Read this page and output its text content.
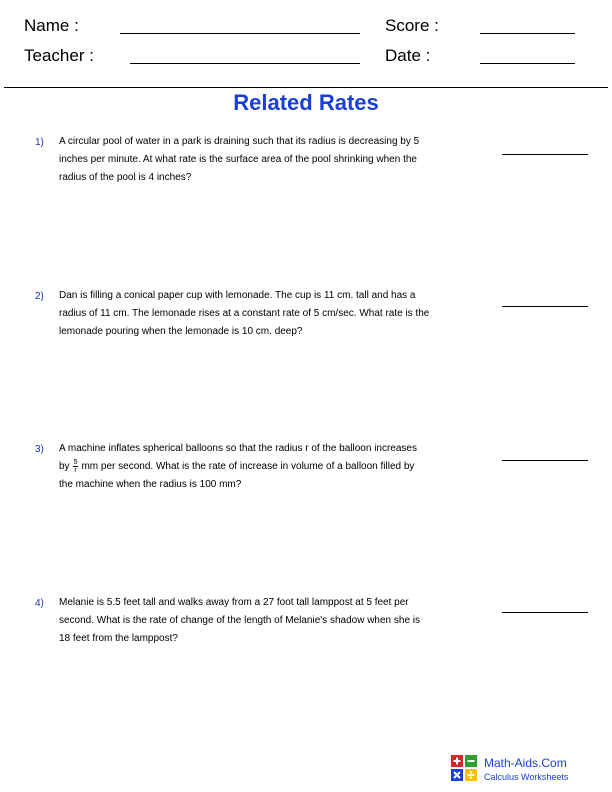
Name :	Score :
Teacher :	Date :
Related Rates
1) A circular pool of water in a park is draining such that its radius is decreasing by 5
inches per minute. At what rate is the surface area of the pool shrinking when the
radius of the pool is 4 inches?
2) Dan is filling a conical paper cup with lemonade. The cup is 11 cm. tall and has a
radius of 11 cm. The lemonade rises at a constant rate of 5 cm/sec. What rate is the
lemonade pouring when the lemonade is 10 cm. deep?
3) A machine inflates spherical balloons so that the radius r of the balloon increases
by $\frac{5}{r}$ mm per second. What is the rate of increase in volume of a balloon filled by
the machine when the radius is 100 mm?
4) Melanie is 5.5 feet tall and walks away from a 27 foot tall lamppost at 5 feet per
second. What is the rate of change of the length of Melanie's shadow when she is
18 feet from the lamppost?
Math-Aids.Com
Calculus Worksheets
